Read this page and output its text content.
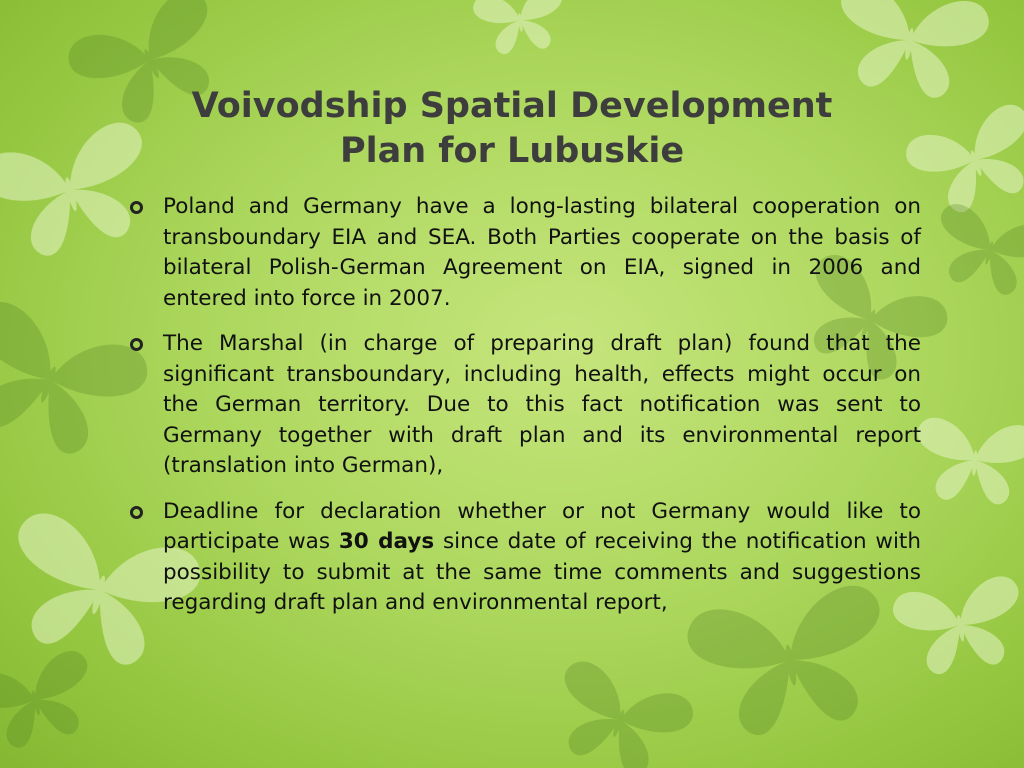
Voivodship Spatial Development
Plan for Lubuskie
Poland and Germany have a long-lasting bilateral cooperation on transboundary EIA and SEA. Both Parties cooperate on the basis of bilateral Polish-German Agreement on EIA, signed in 2006 and entered into force in 2007.
The Marshal (in charge of preparing draft plan) found that the significant transboundary, including health, effects might occur on the German territory. Due to this fact notification was sent to Germany together with draft plan and its environmental report (translation into German),
Deadline for declaration whether or not Germany would like to participate was 30 days since date of receiving the notification with possibility to submit at the same time comments and suggestions regarding draft plan and environmental report,
